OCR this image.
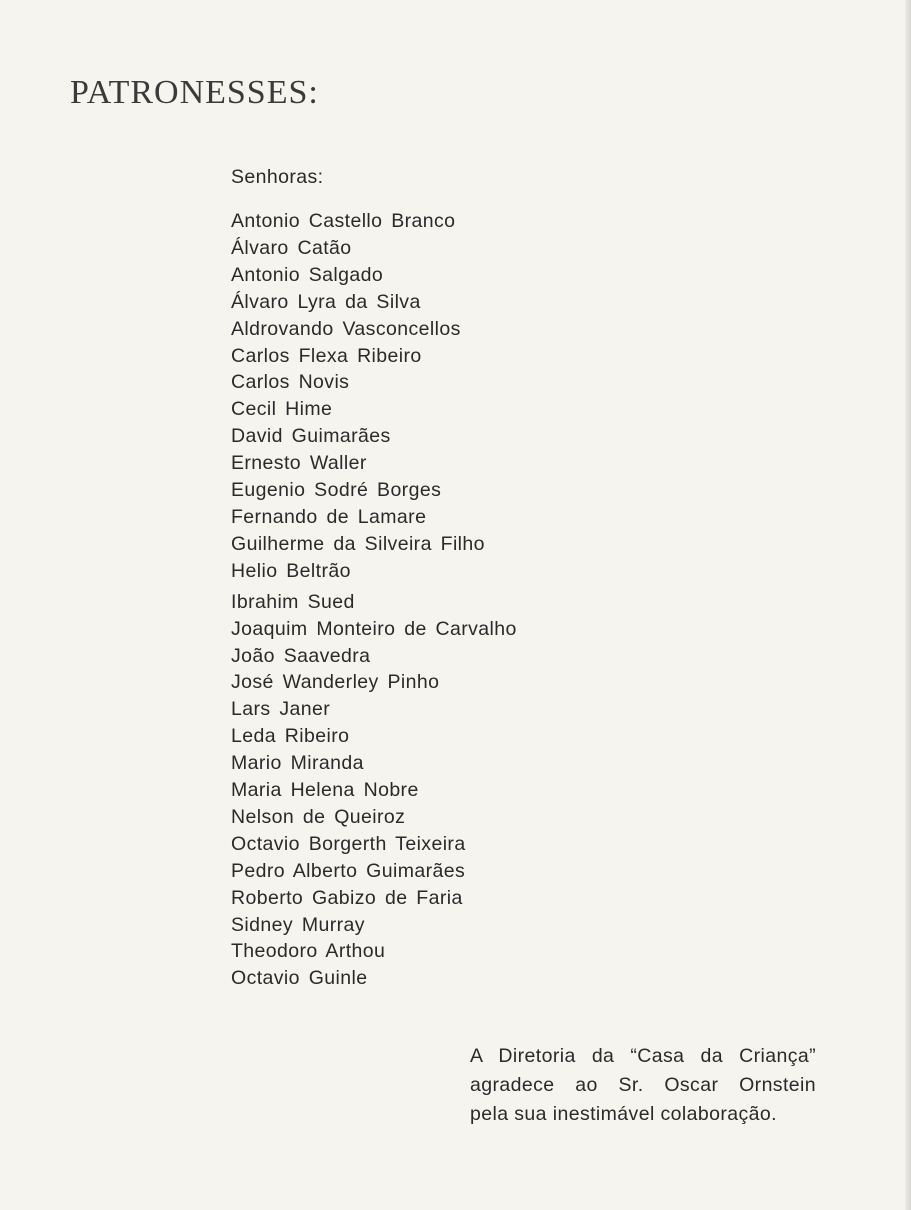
PATRONESSES:

Senhoras:

Antonio Castello Branco
Álvaro Catão
Antonio Salgado
Álvaro Lyra da Silva
Aldrovando Vasconcellos
Carlos Flexa Ribeiro
Carlos Novis
Cecil Hime
David Guimarães
Ernesto Waller
Eugenio Sodré Borges
Fernando de Lamare
Guilherme da Silveira Filho
Helio Beltrão
Ibrahim Sued
Joaquim Monteiro de Carvalho
João Saavedra
José Wanderley Pinho
Lars Janer
Leda Ribeiro
Mario Miranda
Maria Helena Nobre
Nelson de Queiroz
Octavio Borgerth Teixeira
Pedro Alberto Guimarães
Roberto Gabizo de Faria
Sidney Murray
Theodoro Arthou
Octavio Guinle

A Diretoria da “Casa da Criança”
agradece ao Sr. Oscar Ornstein
pela sua inestimável colaboração.
